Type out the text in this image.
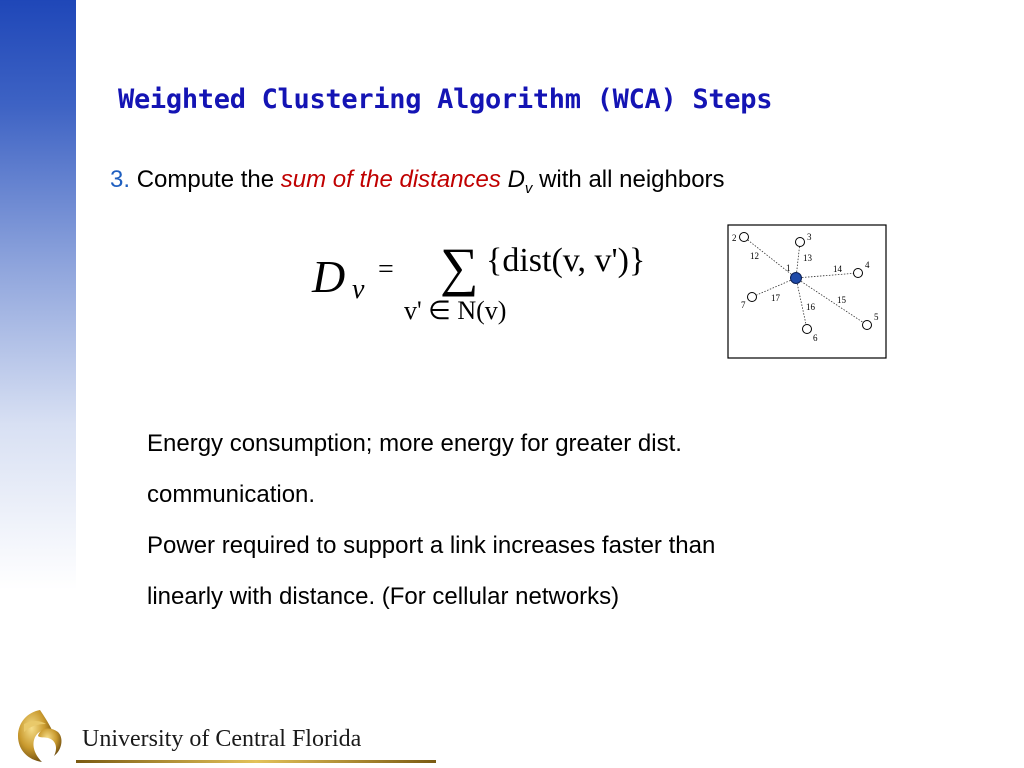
Weighted Clustering Algorithm (WCA) Steps
3. Compute the sum of the distances $D_v$ with all neighbors
D v
= ∑ {dist(v, v')}
v' ∈ N(v)
1
2	3
4
5
6
7
12	13
14
15
16
17

Energy consumption; more energy for greater dist.

communication.

Power required to support a link increases faster than

linearly with distance. (For cellular networks)

University of Central Florida
